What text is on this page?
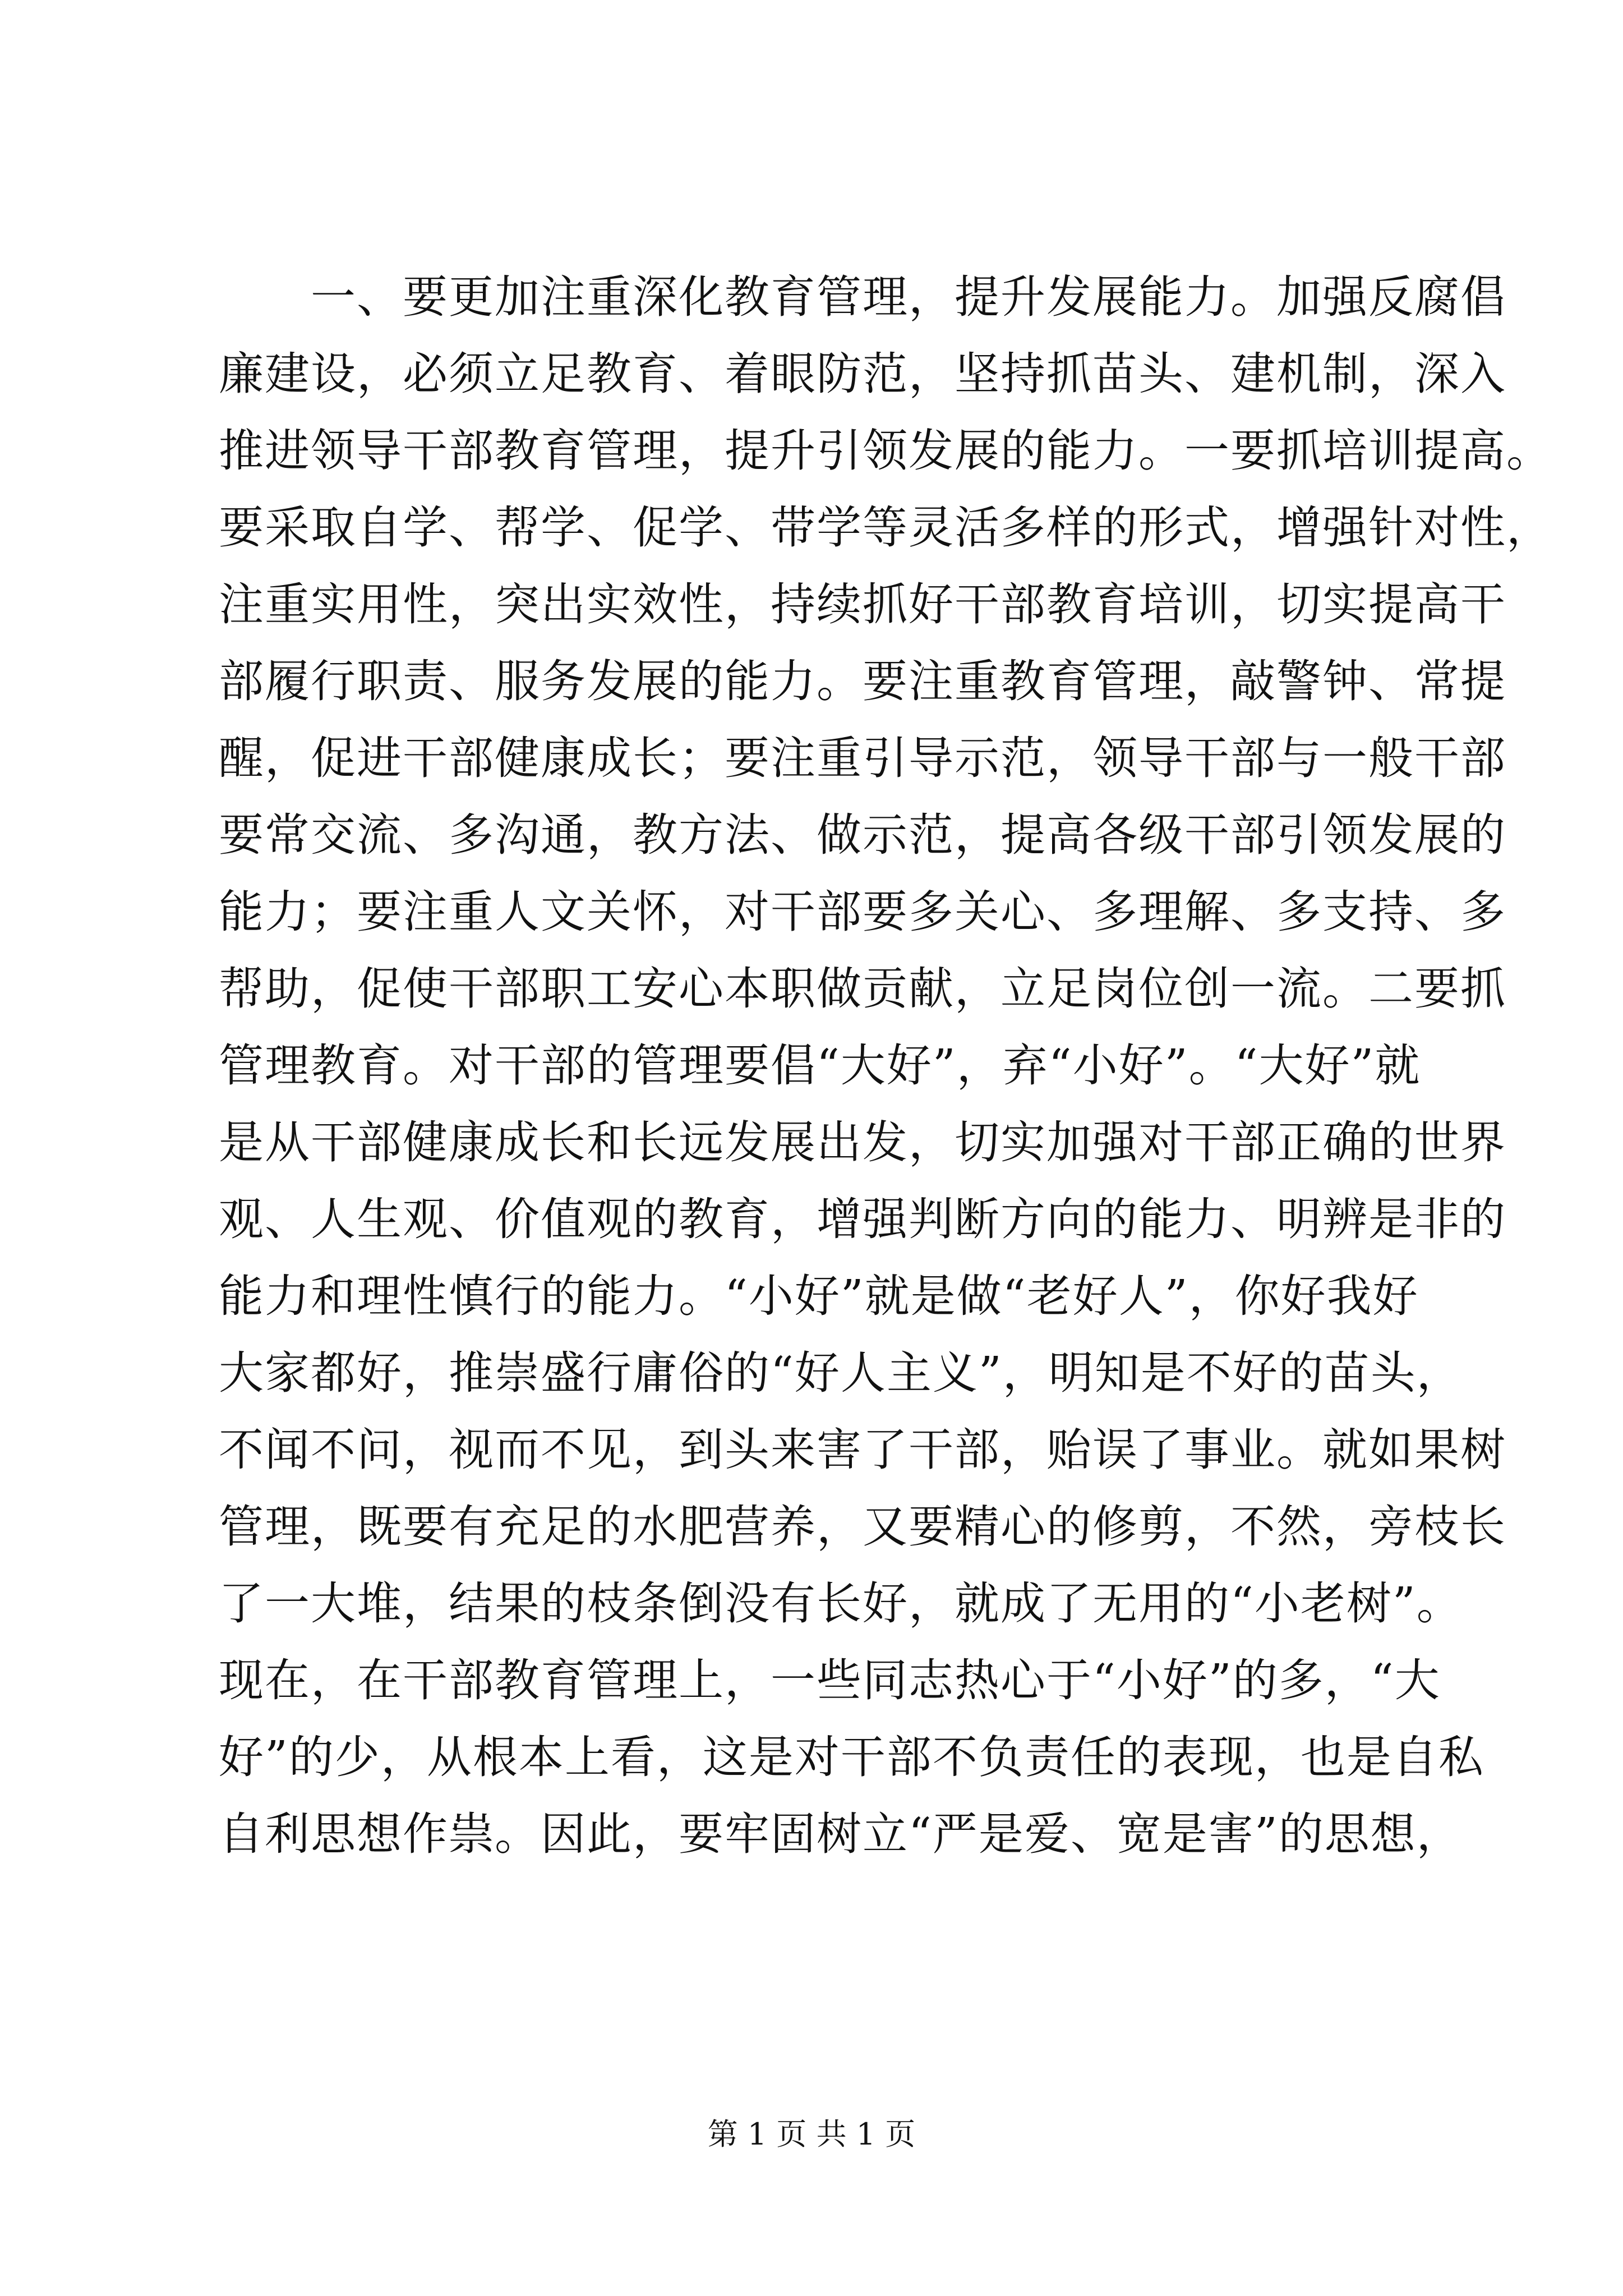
　　一、要更加注重深化教育管理，提升发展能力。加强反腐倡
廉建设，必须立足教育、着眼防范，坚持抓苗头、建机制，深入
推进领导干部教育管理，提升引领发展的能力。一要抓培训提高。
要采取自学、帮学、促学、带学等灵活多样的形式，增强针对性，
注重实用性，突出实效性，持续抓好干部教育培训，切实提高干
部履行职责、服务发展的能力。要注重教育管理，敲警钟、常提
醒，促进干部健康成长；要注重引导示范，领导干部与一般干部
要常交流、多沟通，教方法、做示范，提高各级干部引领发展的
能力；要注重人文关怀，对干部要多关心、多理解、多支持、多
帮助，促使干部职工安心本职做贡献，立足岗位创一流。二要抓
管理教育。对干部的管理要倡“大好”，弃“小好”。“大好”就
是从干部健康成长和长远发展出发，切实加强对干部正确的世界
观、人生观、价值观的教育，增强判断方向的能力、明辨是非的
能力和理性慎行的能力。“小好”就是做“老好人”，你好我好
大家都好，推崇盛行庸俗的“好人主义”，明知是不好的苗头，
不闻不问，视而不见，到头来害了干部，贻误了事业。就如果树
管理，既要有充足的水肥营养，又要精心的修剪，不然，旁枝长
了一大堆，结果的枝条倒没有长好，就成了无用的“小老树”。
现在，在干部教育管理上，一些同志热心于“小好”的多，“大
好”的少，从根本上看，这是对干部不负责任的表现，也是自私
自利思想作祟。因此，要牢固树立“严是爱、宽是害”的思想，
第 1 页 共 1 页
